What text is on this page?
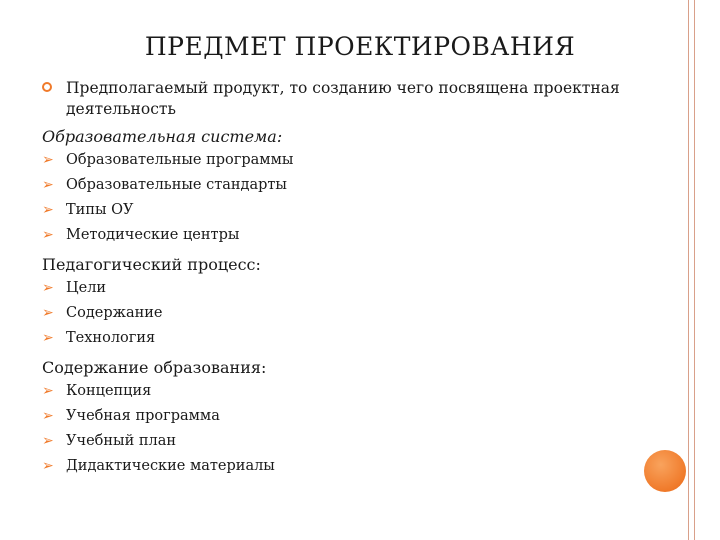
ПРЕДМЕТ ПРОЕКТИРОВАНИЯ
Предполагаемый продукт, то созданию чего посвящена проектная деятельность
Образовательная система:
➢ Образовательные программы
➢ Образовательные стандарты
➢ Типы ОУ
➢ Методические центры
Педагогический процесс:
➢ Цели
➢ Содержание
➢ Технология
Содержание образования:
➢ Концепция
➢ Учебная программа
➢ Учебный план
➢ Дидактические материалы
